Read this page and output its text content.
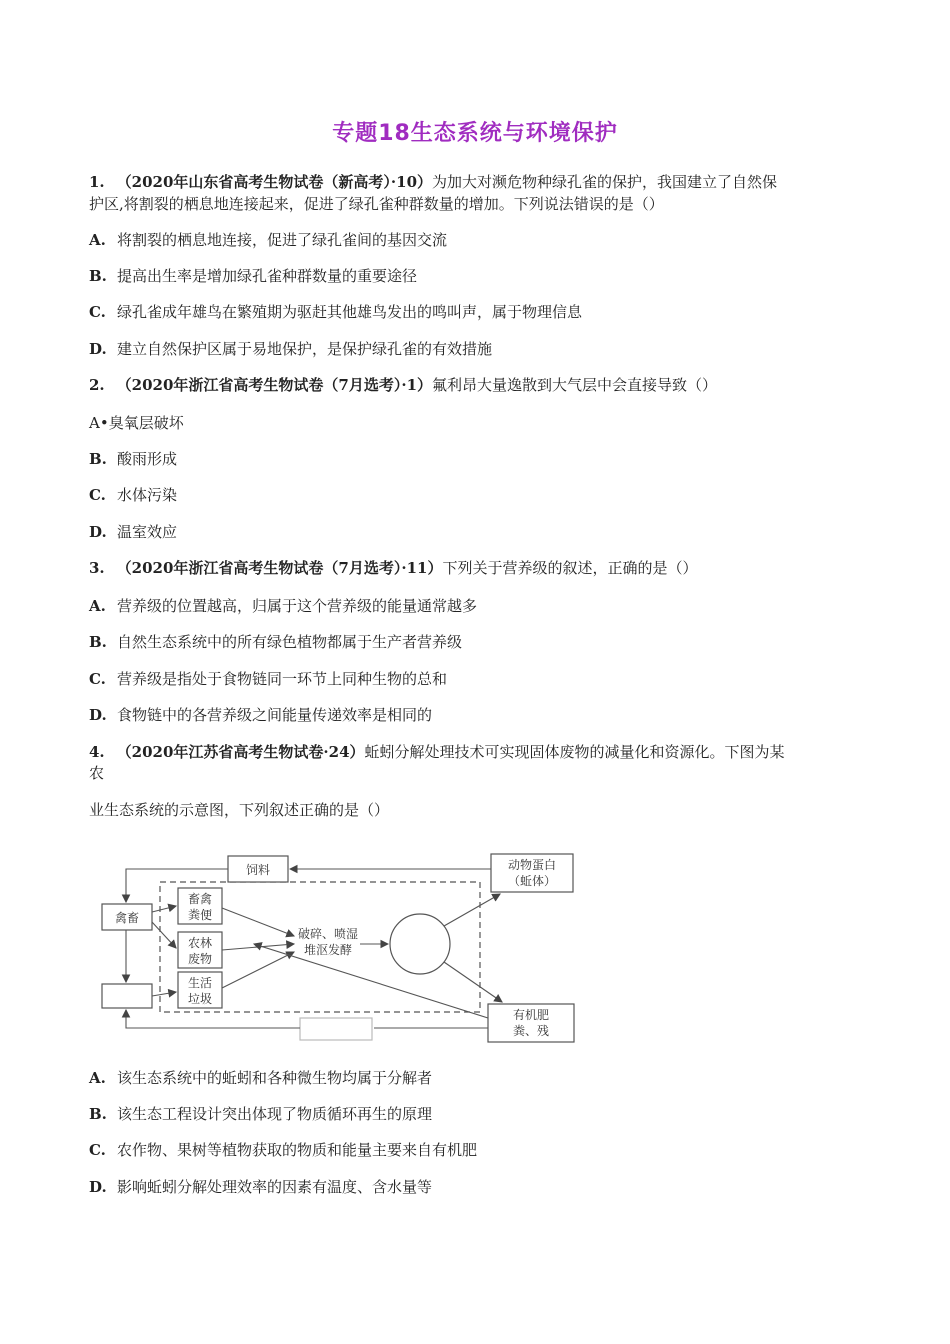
专题18生态系统与环境保护
1. （2020年山东省高考生物试卷（新高考）·10）为加大对濒危物种绿孔雀的保护，我国建立了自然保
护区,将割裂的栖息地连接起来，促进了绿孔雀种群数量的增加。下列说法错误的是（）
A. 将割裂的栖息地连接，促进了绿孔雀间的基因交流
B. 提高出生率是增加绿孔雀种群数量的重要途径
C. 绿孔雀成年雄鸟在繁殖期为驱赶其他雄鸟发出的鸣叫声，属于物理信息
D. 建立自然保护区属于易地保护，是保护绿孔雀的有效措施
2. （2020年浙江省高考生物试卷（7月选考）·1）氟利昂大量逸散到大气层中会直接导致（）
A•臭氧层破坏
B. 酸雨形成
C. 水体污染
D. 温室效应
3. （2020年浙江省高考生物试卷（7月选考）·11）下列关于营养级的叙述，正确的是（）
A. 营养级的位置越高，归属于这个营养级的能量通常越多
B. 自然生态系统中的所有绿色植物都属于生产者营养级
C. 营养级是指处于食物链同一环节上同种生物的总和
D. 食物链中的各营养级之间能量传递效率是相同的
4. （2020年江苏省高考生物试卷·24）蚯蚓分解处理技术可实现固体废物的减量化和资源化。下图为某
农
业生态系统的示意图，下列叙述正确的是（）
饲料	动物蛋白
（蚯体）
禽畜
畜禽
粪便
农林
废物
生活
垃圾
破碎、喷湿
堆沤发酵
有机肥
粪、残
A. 该生态系统中的蚯蚓和各种微生物均属于分解者
B. 该生态工程设计突出体现了物质循环再生的原理
C. 农作物、果树等植物获取的物质和能量主要来自有机肥
D. 影响蚯蚓分解处理效率的因素有温度、含水量等
